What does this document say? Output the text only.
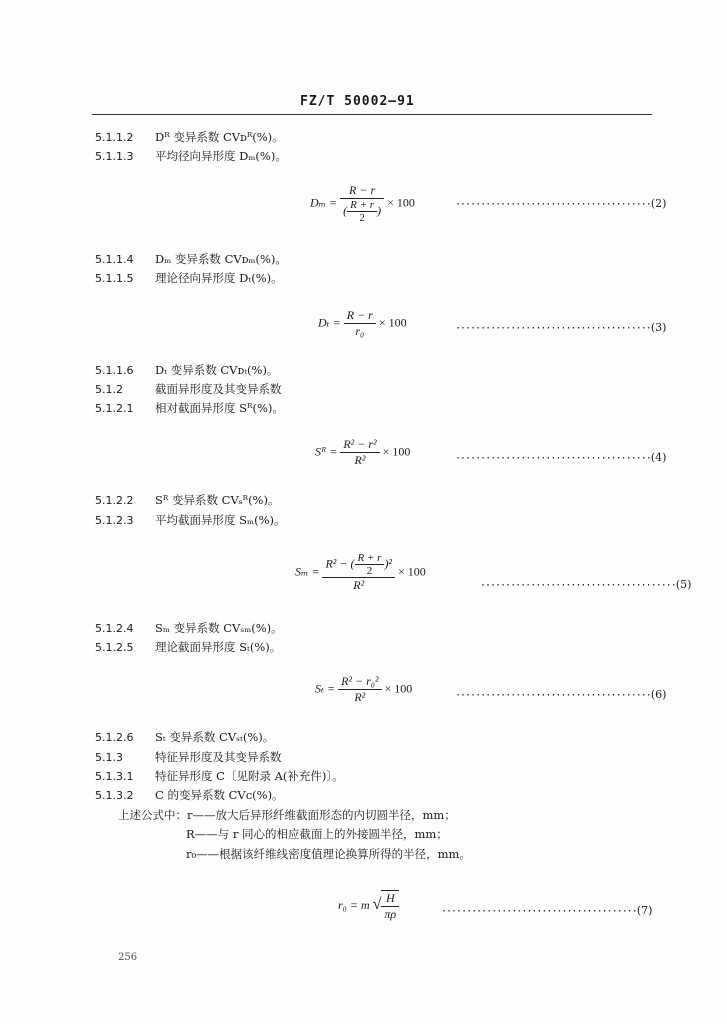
FZ/T 50002—91
5.1.1.2 Dᴿ 变异系数 CVᴅᴿ(%)。
5.1.1.3 平均径向异形度 Dₘ(%)。
$D_m = \frac{R - r}{( \frac{R + r}{2} )} \times 100$	·······································(2)
5.1.1.4 Dₘ 变异系数 CVᴅₘ(%)。
5.1.1.5 理论径向异形度 Dₜ(%)。
$D_t = \frac{R - r}{\text{r₀}} \times 100$	·······································(3)
5.1.1.6 Dₜ 变异系数 CVᴅₜ(%)。
5.1.2	截面异形度及其变异系数
5.1.2.1 相对截面异形度 Sᴿ(%)。
Sᴿ = $\frac{\text{R² − r²}}{\text{R²}} \times 100$
·······································(4)
5.1.2.2 Sᴿ 变异系数 CVₛᴿ(%)。
5.1.2.3 平均截面异形度 Sₘ(%)。
$S_m = \frac{R^2 - ( \frac{R + r}{2} )^2}{\text{R²}} \times 100$
·······································(5)
5.1.2.4 Sₘ 变异系数 CVₛₘ(%)。
5.1.2.5 理论截面异形度 Sₜ(%)。
$S_t = \frac{\text{R² − r₀²}}{\text{R²}} \times 100$
·······································(6)
5.1.2.6 Sₜ 变异系数 CVₛₜ(%)。
5.1.3	特征异形度及其变异系数
5.1.3.1 特征异形度 C〔见附录 A(补充件)〕。
5.1.3.2 C 的变异系数 CVᴄ(%)。
上述公式中：r——放大后异形纤维截面形态的内切圆半径，mm；
R——与 r 同心的相应截面上的外接圆半径，mm；
r₀——根据该纤维线密度值理论换算所得的半径，mm。
r₀ = m √ $\frac{H}{\pi\rho}$	·······································(7)
256
